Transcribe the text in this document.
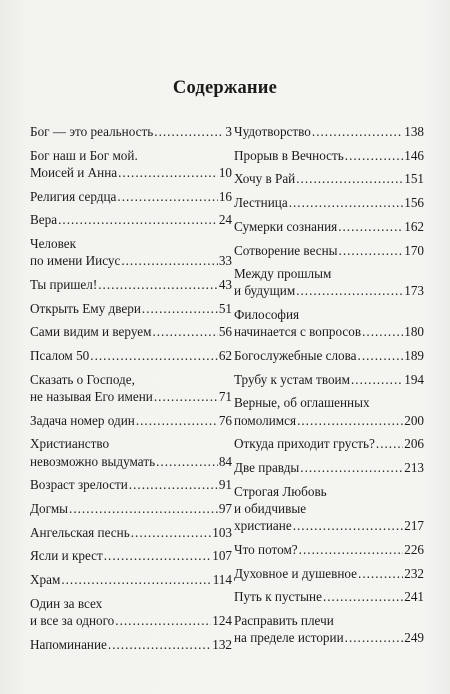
Содержание
Бог — это реальность .....	3
Бог наш и Бог мой.
Моисей и Анна .....	10
Религия сердца .....	16
Вера .....	24
Человек
по имени Иисус .....	33
Ты пришел! .....	43
Открыть Ему двери .....	51
Сами видим и веруем .....	56
Псалом 50 .....	62
Сказать о Господе,
не называя Его имени .....	71
Задача номер один .....	76
Христианство
невозможно выдумать .....	84
Возраст зрелости .....	91
Догмы .....	97
Ангельская песнь .....	103
Ясли и крест .....	107
Храм .....	114
Один за всех
и все за одного .....	124
Напоминание .....	132
Чудотворство .....	138
Прорыв в Вечность .....	146
Хочу в Рай .....	151
Лестница .....	156
Сумерки сознания .....	162
Сотворение весны .....	170
Между прошлым
и будущим .....	173
Философия
начинается с вопросов .....	180
Богослужебные слова .....	189
Трубу к устам твоим .....	194
Верные, об оглашенных
помолимся .....	200
Откуда приходит грусть? ..... 206
Две правды .....	213
Строгая Любовь
и обидчивые
христиане .....	217
Что потом? .....	226
Духовное и душевное .....	232
Путь к пустыне .....	241
Расправить плечи
на пределе истории .....	249
